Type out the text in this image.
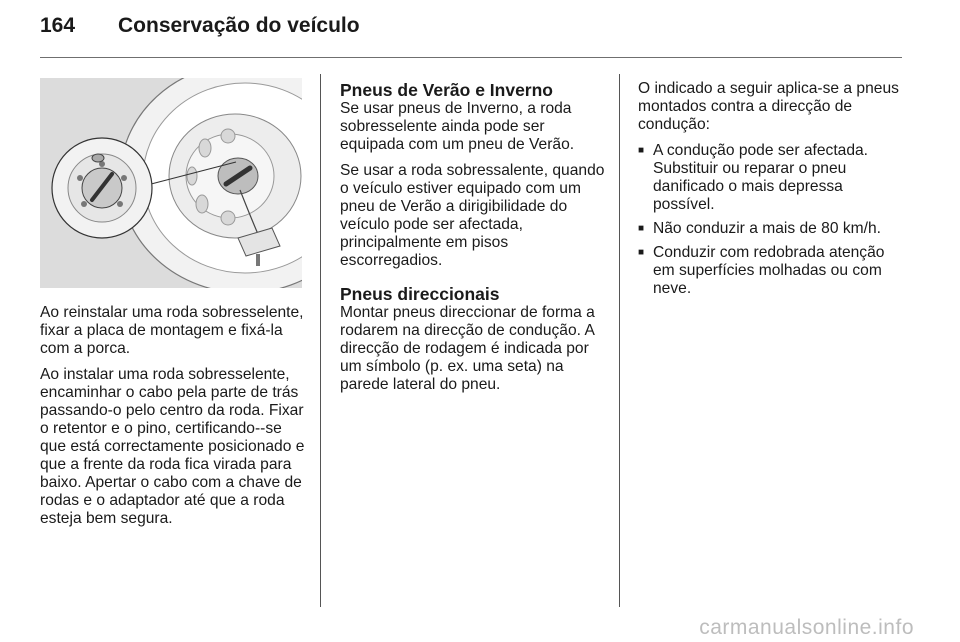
164	Conservação do veículo

Ao reinstalar uma roda sobresselente, fixar a placa de montagem e fixá-la com a porca.

Ao instalar uma roda sobresselente, encaminhar o cabo pela parte de trás passando-o pelo centro da roda. Fixar o retentor e o pino, certificando--se que está correctamente posicionado e que a frente da roda fica virada para baixo. Apertar o cabo com a chave de rodas e o adaptador até que a roda esteja bem segura.

Pneus de Verão e Inverno

Se usar pneus de Inverno, a roda sobresselente ainda pode ser equipada com um pneu de Verão.

Se usar a roda sobressalente, quando o veículo estiver equipado com um pneu de Verão a dirigibilidade do veículo pode ser afectada, principalmente em pisos escorregadios.

Pneus direccionais

Montar pneus direccionar de forma a rodarem na direcção de condução. A direcção de rodagem é indicada por um símbolo (p. ex. uma seta) na parede lateral do pneu.

O indicado a seguir aplica-se a pneus montados contra a direcção de condução:

■ A condução pode ser afectada. Substituir ou reparar o pneu danificado o mais depressa possível.
■ Não conduzir a mais de 80 km/h.
■ Conduzir com redobrada atenção em superfícies molhadas ou com neve.
carmanualsonline.info
